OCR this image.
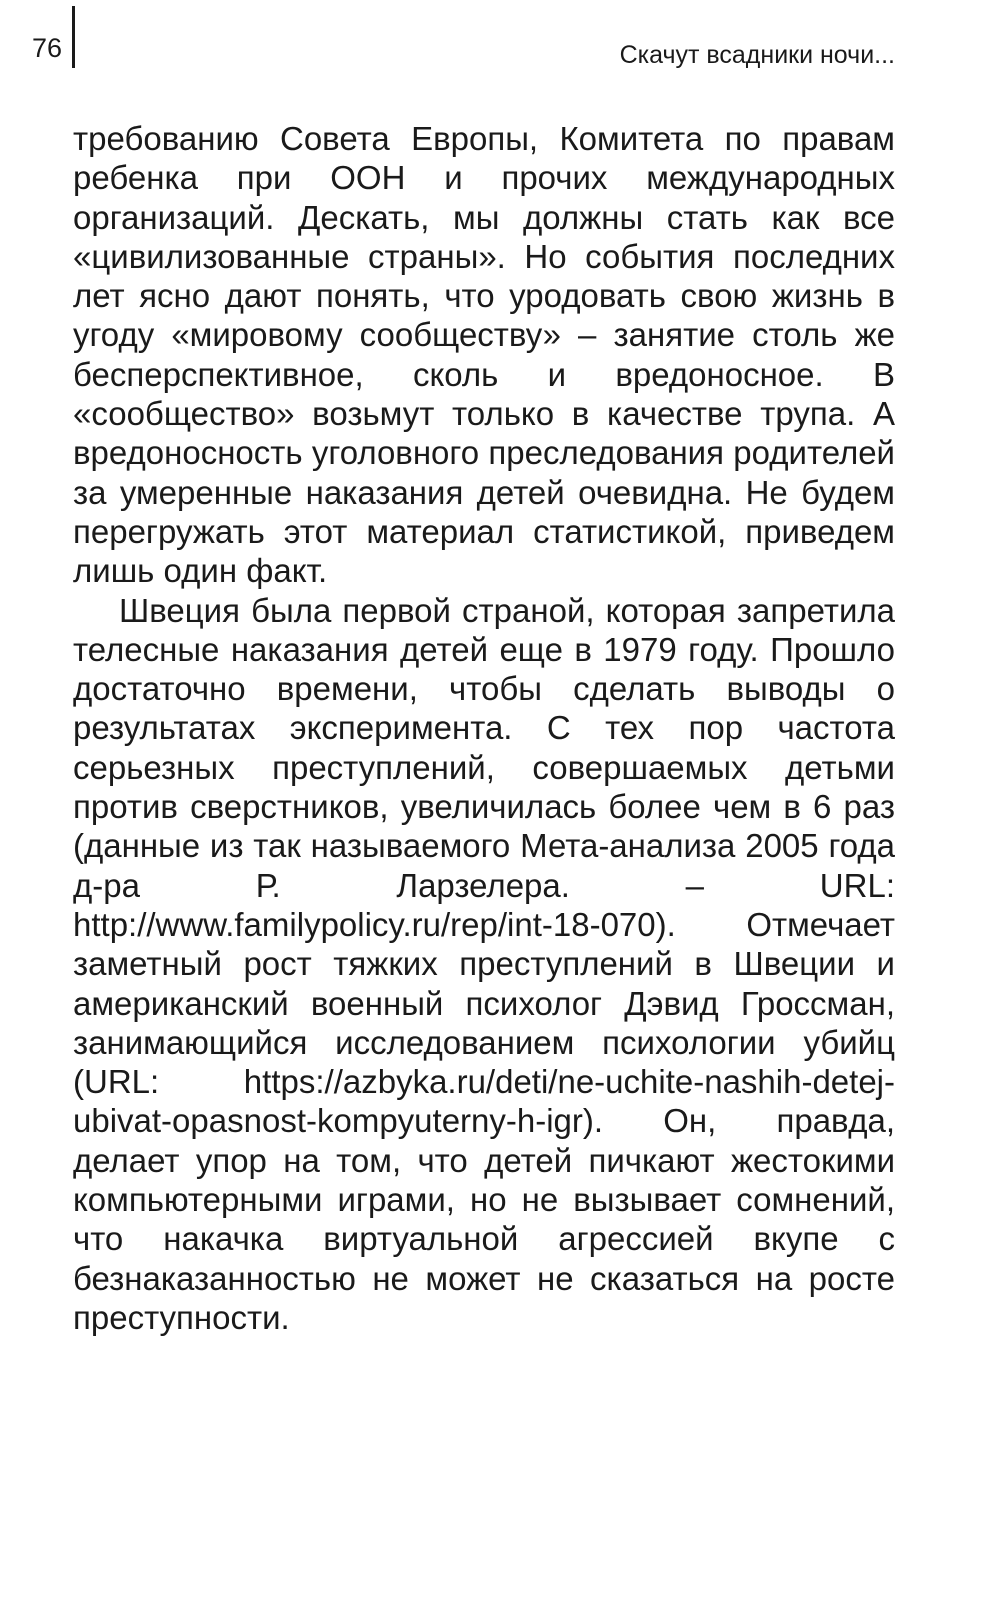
76	Скачут всадники ночи...

требованию Совета Европы, Комитета по правам ребенка при ООН и прочих международных организаций. Дескать, мы должны стать как все «цивилизованные страны». Но события последних лет ясно дают понять, что уродовать свою жизнь в угоду «мировому сообществу» – занятие столь же бесперспективное, сколь и вредоносное. В «сообщество» возьмут только в качестве трупа. А вредоносность уголовного преследования родителей за умеренные наказания детей очевидна. Не будем перегружать этот материал статистикой, приведем лишь один факт.

Швеция была первой страной, которая запретила телесные наказания детей еще в 1979 году. Прошло достаточно времени, чтобы сделать выводы о результатах эксперимента. С тех пор частота серьезных преступлений, совершаемых детьми против сверстников, увеличилась более чем в 6 раз (данные из так называемого Мета-анализа 2005 года д-ра Р. Ларзелера. – URL: http://www.familypolicy.ru/rep/int-18-070). Отмечает заметный рост тяжких преступлений в Швеции и американский военный психолог Дэвид Гроссман, занимающийся исследованием психологии убийц (URL: https://azbyka.ru/deti/ne-uchite-nashih-detej-ubivat-opasnost-kompyuterny-h-igr). Он, правда, делает упор на том, что детей пичкают жестокими компьютерными играми, но не вызывает сомнений, что накачка виртуальной агрессией вкупе с безнаказанностью не может не сказаться на росте преступности.
